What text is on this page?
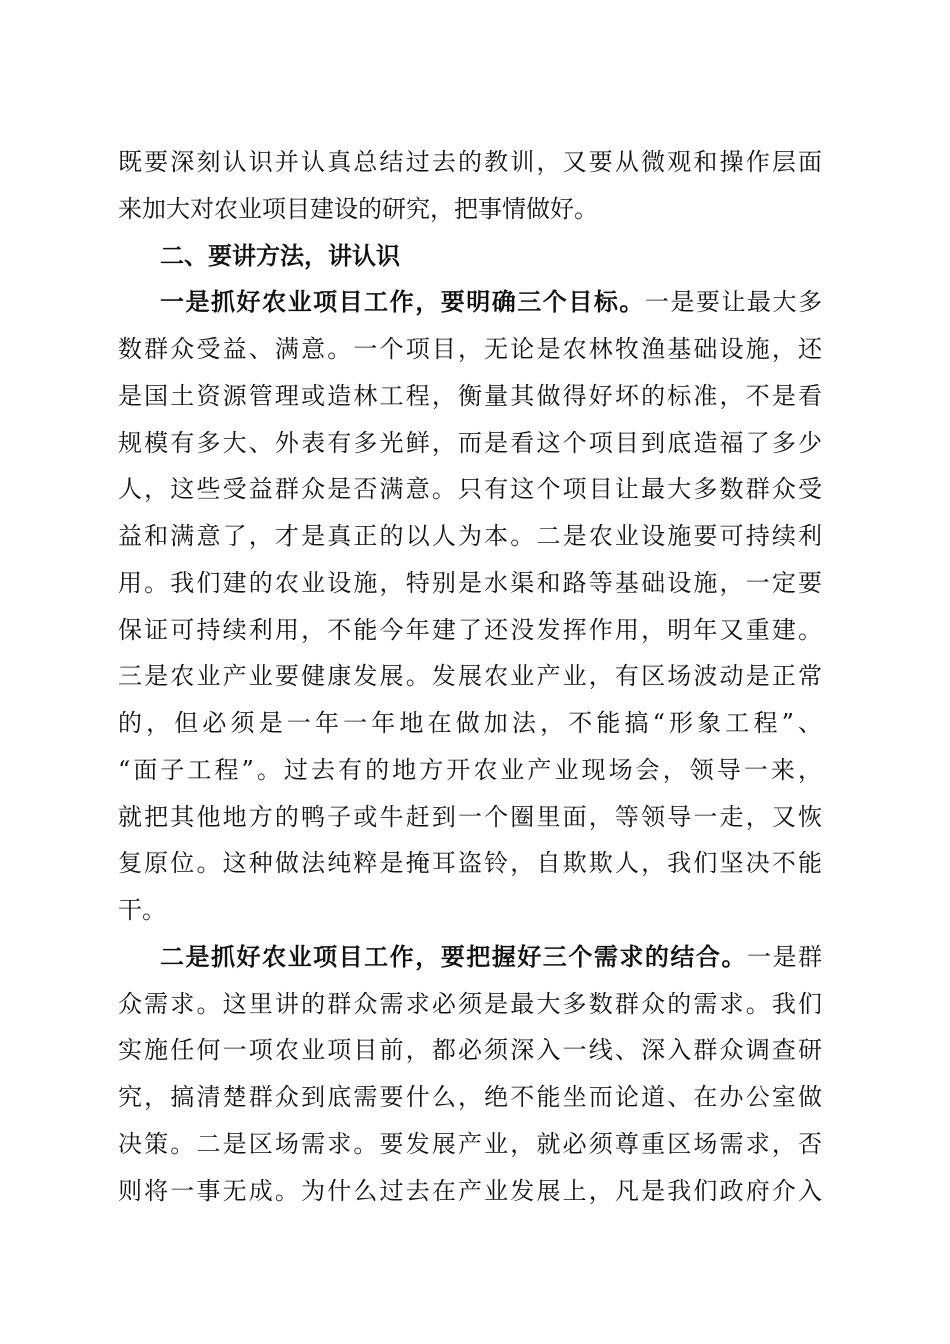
既要深刻认识并认真总结过去的教训，又要从微观和操作层面
来加大对农业项目建设的研究，把事情做好。
二、要讲方法，讲认识
一是抓好农业项目工作，要明确三个目标。一是要让最大多
数群众受益、满意。一个项目，无论是农林牧渔基础设施，还
是国土资源管理或造林工程，衡量其做得好坏的标准，不是看
规模有多大、外表有多光鲜，而是看这个项目到底造福了多少
人，这些受益群众是否满意。只有这个项目让最大多数群众受
益和满意了，才是真正的以人为本。二是农业设施要可持续利
用。我们建的农业设施，特别是水渠和路等基础设施，一定要
保证可持续利用，不能今年建了还没发挥作用，明年又重建。
三是农业产业要健康发展。发展农业产业，有区场波动是正常
的，但必须是一年一年地在做加法，不能搞“形象工程”、
“面子工程”。过去有的地方开农业产业现场会，领导一来，
就把其他地方的鸭子或牛赶到一个圈里面，等领导一走，又恢
复原位。这种做法纯粹是掩耳盗铃，自欺欺人，我们坚决不能
干。
二是抓好农业项目工作，要把握好三个需求的结合。一是群
众需求。这里讲的群众需求必须是最大多数群众的需求。我们
实施任何一项农业项目前，都必须深入一线、深入群众调查研
究，搞清楚群众到底需要什么，绝不能坐而论道、在办公室做
决策。二是区场需求。要发展产业，就必须尊重区场需求，否
则将一事无成。为什么过去在产业发展上，凡是我们政府介入
